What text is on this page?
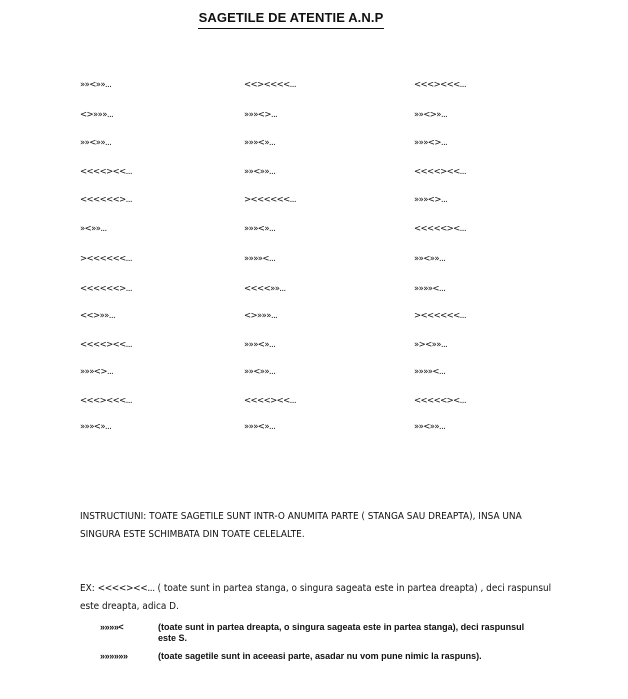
SAGETILE DE ATENTIE A.N.P
»»<»»...	<<><<<<...	<<<><<<...
<>»»»...	»»»<>...	»»<>»...
»»<»»...	»»»<»...	»»»<>...
<<<<><<...	»»<»»...	<<<<><<...
<<<<<<>...	><<<<<<...	»»»<>...
»<»»...	»»»<»...	<<<<<><...
><<<<<<...	»»»»<...	»»<»»...
<<<<<<>...	<<<<»»...	»»»»<...
<<>»»...	<>»»»...	><<<<<<...
<<<<><<...	»»»<»...	»><»»...
»»»<>...	»»<»»...	»»»»<...
<<<><<<...	<<<<><<...	<<<<<><...
»»»<»...	»»»<»...	»»<»»...
INSTRUCTIUNI: TOATE SAGETILE SUNT INTR-O ANUMITA PARTE ( STANGA SAU DREAPTA), INSA UNA SINGURA ESTE SCHIMBATA DIN TOATE CELELALTE.
EX: <<<<><<... ( toate sunt in partea stanga, o singura sageata este in partea dreapta) , deci raspunsul este dreapta, adica D.
»»»»<	(toate sunt in partea dreapta, o singura sageata este in partea stanga), deci raspunsul este S.
»»»»»»	(toate sagetile sunt in aceeasi parte, asadar nu vom pune nimic la raspuns).
